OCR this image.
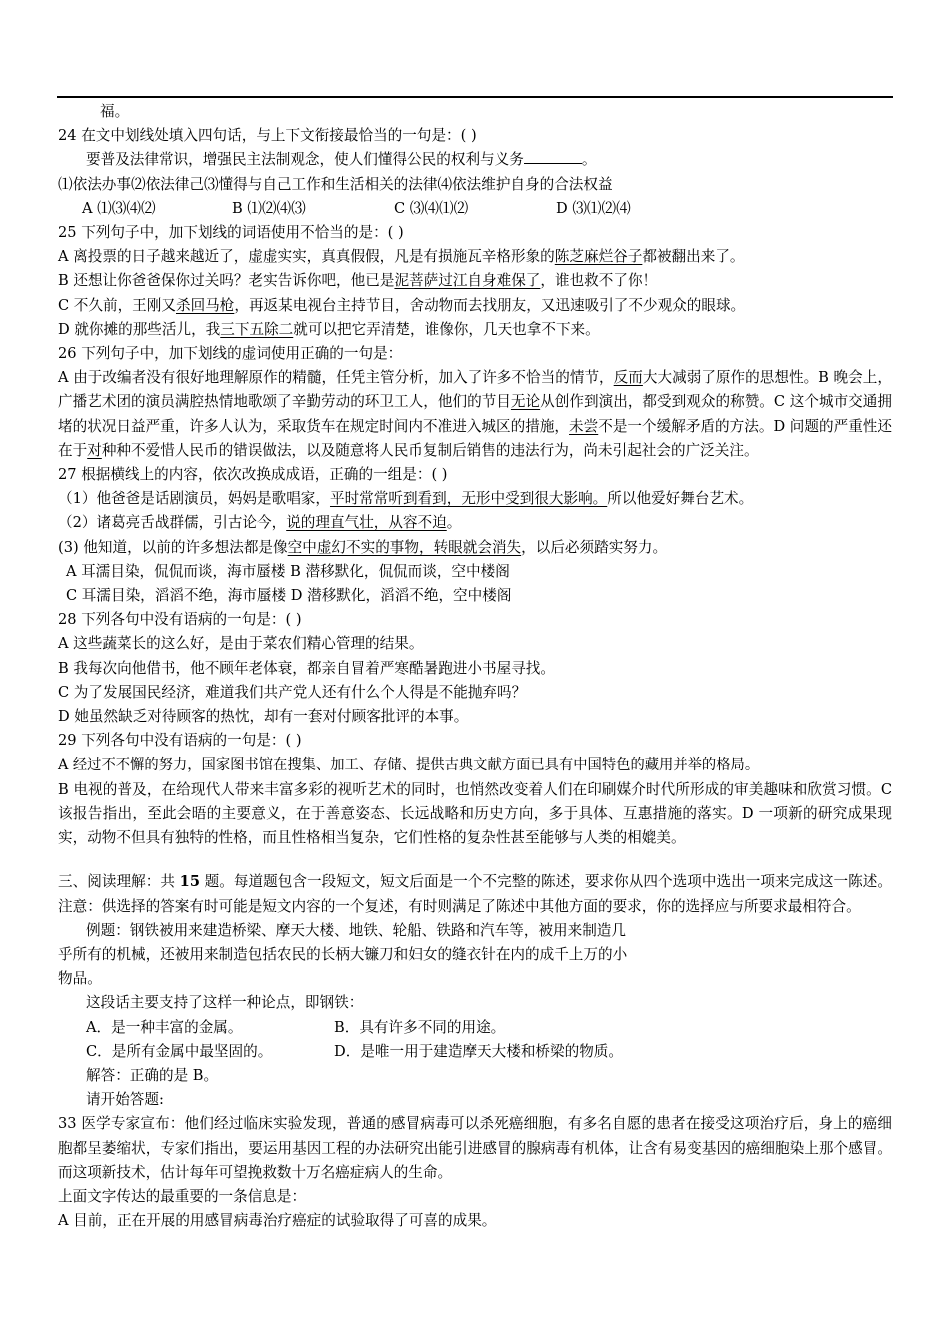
福。
24 在文中划线处填入四句话，与上下文衔接最恰当的一句是：( )
要普及法律常识，增强民主法制观念，使人们懂得公民的权利与义务	。
⑴依法办事⑵依法律己⑶懂得与自己工作和生活相关的法律⑷依法维护自身的合法权益
A ⑴⑶⑷⑵	B ⑴⑵⑷⑶	C ⑶⑷⑴⑵	D ⑶⑴⑵⑷
25 下列句子中，加下划线的词语使用不恰当的是：( )
A 离投票的日子越来越近了，虚虚实实，真真假假，凡是有损施瓦辛格形象的陈芝麻烂谷子都被翻出来了。
B 还想让你爸爸保你过关吗？老实告诉你吧，他已是泥菩萨过江自身难保了，谁也救不了你！
C 不久前，王刚又杀回马枪，再返某电视台主持节目，舍动物而去找朋友，又迅速吸引了不少观众的眼球。
D 就你摊的那些活儿，我三下五除二就可以把它弄清楚，谁像你，几天也拿不下来。
26 下列句子中，加下划线的虚词使用正确的一句是：
A 由于改编者没有很好地理解原作的精髓，任凭主管分析，加入了许多不恰当的情节，反而大大减弱了原作的思想性。B 晚会上，广播艺术团的演员满腔热情地歌颂了辛勤劳动的环卫工人，他们的节目无论从创作到演出，都受到观众的称赞。C 这个城市交通拥堵的状况日益严重，许多人认为，采取货车在规定时间内不准进入城区的措施，未尝不是一个缓解矛盾的方法。D 问题的严重性还在于对种种不爱惜人民币的错误做法，以及随意将人民币复制后销售的违法行为，尚未引起社会的广泛关注。
27 根据横线上的内容，依次改换成成语，正确的一组是：( )
（1）他爸爸是话剧演员，妈妈是歌唱家，平时常常听到看到，无形中受到很大影响。所以他爱好舞台艺术。
（2）诸葛亮舌战群儒，引古论今，说的理直气壮，从容不迫。
(3) 他知道，以前的许多想法都是像空中虚幻不实的事物，转眼就会消失，以后必须踏实努力。
A 耳濡目染，侃侃而谈，海市蜃楼 B 潜移默化，侃侃而谈，空中楼阁
C 耳濡目染，滔滔不绝，海市蜃楼 D 潜移默化，滔滔不绝，空中楼阁
28 下列各句中没有语病的一句是：( )
A 这些蔬菜长的这么好，是由于菜农们精心管理的结果。
B 我每次向他借书，他不顾年老体衰，都亲自冒着严寒酷暑跑进小书屋寻找。
C 为了发展国民经济，难道我们共产党人还有什么个人得是不能抛弃吗？
D 她虽然缺乏对待顾客的热忱，却有一套对付顾客批评的本事。
29 下列各句中没有语病的一句是：( )
A 经过不不懈的努力，国家图书馆在搜集、加工、存储、提供古典文献方面已具有中国特色的藏用并举的格局。
B 电视的普及，在给现代人带来丰富多彩的视听艺术的同时，也悄然改变着人们在印刷媒介时代所形成的审美趣味和欣赏习惯。C 该报告指出，至此会晤的主要意义，在于善意姿态、长远战略和历史方向，多于具体、互惠措施的落实。D 一项新的研究成果现实，动物不但具有独特的性格，而且性格相当复杂，它们性格的复杂性甚至能够与人类的相媲美。
三、阅读理解：共 15 题。每道题包含一段短文，短文后面是一个不完整的陈述，要求你从四个选项中选出一项来完成这一陈述。注意：供选择的答案有时可能是短文内容的一个复述，有时则满足了陈述中其他方面的要求，你的选择应与所要求最相符合。
例题：钢铁被用来建造桥梁、摩天大楼、地铁、轮船、铁路和汽车等，被用来制造几
乎所有的机械，还被用来制造包括农民的长柄大镰刀和妇女的缝衣针在内的成千上万的小
物品。
这段话主要支持了这样一种论点，即钢铁：
A．是一种丰富的金属。	B．具有许多不同的用途。
C．是所有金属中最坚固的。	D．是唯一用于建造摩天大楼和桥梁的物质。
解答：正确的是 B。
请开始答题:
33 医学专家宣布：他们经过临床实验发现，普通的感冒病毒可以杀死癌细胞，有多名自愿的患者在接受这项治疗后，身上的癌细胞都呈萎缩状，专家们指出，要运用基因工程的办法研究出能引进感冒的腺病毒有机体，让含有易变基因的癌细胞染上那个感冒。而这项新技术，估计每年可望挽救数十万名癌症病人的生命。
上面文字传达的最重要的一条信息是：
A 目前，正在开展的用感冒病毒治疗癌症的试验取得了可喜的成果。
